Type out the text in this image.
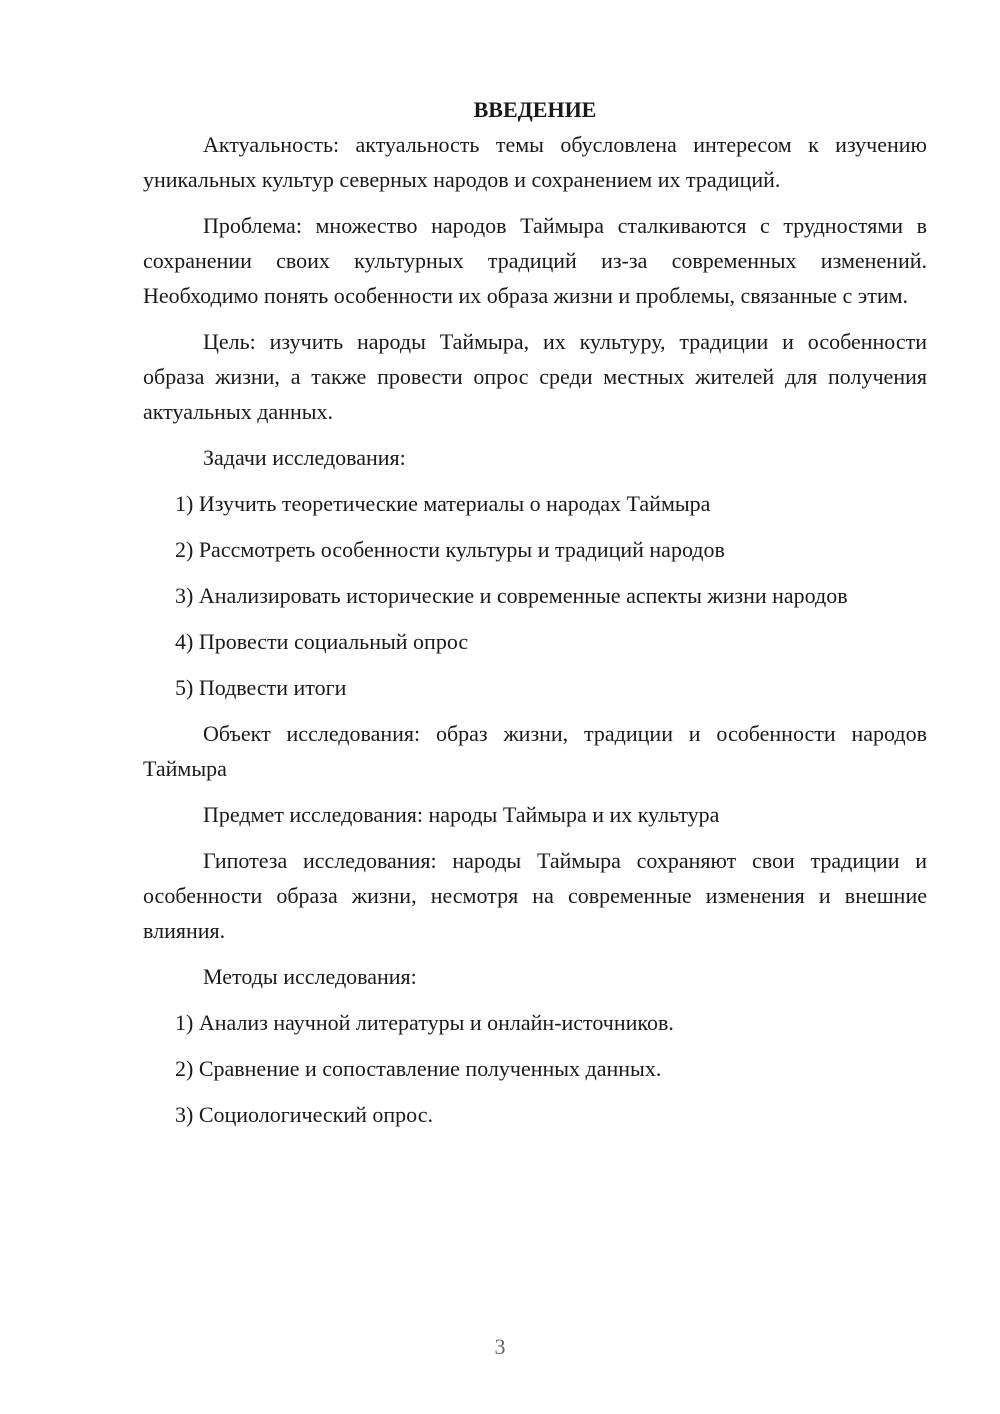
ВВЕДЕНИЕ

Актуальность: актуальность темы обусловлена интересом к изучению уникальных культур северных народов и сохранением их традиций.

Проблема: множество народов Таймыра сталкиваются с трудностями в сохранении своих культурных традиций из-за современных изменений. Необходимо понять особенности их образа жизни и проблемы, связанные с этим.

Цель: изучить народы Таймыра, их культуру, традиции и особенности образа жизни, а также провести опрос среди местных жителей для получения актуальных данных.

Задачи исследования:

1) Изучить теоретические материалы о народах Таймыра

2) Рассмотреть особенности культуры и традиций народов

3) Анализировать исторические и современные аспекты жизни народов

4) Провести социальный опрос

5) Подвести итоги

Объект исследования: образ жизни, традиции и особенности народов Таймыра

Предмет исследования: народы Таймыра и их культура

Гипотеза исследования: народы Таймыра сохраняют свои традиции и особенности образа жизни, несмотря на современные изменения и внешние влияния.

Методы исследования:

1) Анализ научной литературы и онлайн-источников.

2) Сравнение и сопоставление полученных данных.

3) Социологический опрос.

3
